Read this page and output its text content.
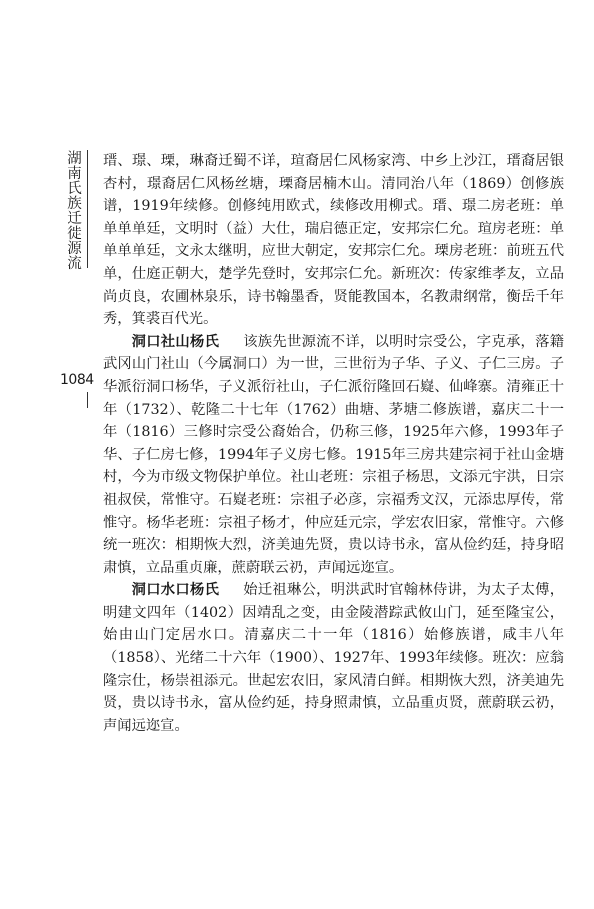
湖南氏族迁徙源流
1084

瑨、璟、瑮，琳裔迁蜀不详，瑄裔居仁风杨家湾、中乡上沙江，瑨裔居银杏村，璟裔居仁风杨丝塘，瑮裔居楠木山。清同治八年（1869）创修族谱，1919年续修。创修纯用欧式，续修改用柳式。瑨、璟二房老班：单单单单廷，文明时（益）大仕，瑞启德正定，安邦宗仁允。瑄房老班：单单单单廷，文永太继明，应世大朝定，安邦宗仁允。瑮房老班：前班五代单，仕庭正朝大，楚学先登时，安邦宗仁允。新班次：传家维孝友，立品尚贞良，农圃林泉乐，诗书翰墨香，贤能教国本，名教肃纲常，衡岳千年秀，箕裘百代光。

洞口社山杨氏   该族先世源流不详，以明时宗受公，字克承，落籍武冈山门社山（今属洞口）为一世，三世衍为子华、子义、子仁三房。子华派衍洞口杨华，子义派衍社山，子仁派衍隆回石嶷、仙峰寨。清雍正十年（1732）、乾隆二十七年（1762）曲塘、茅塘二修族谱，嘉庆二十一年（1816）三修时宗受公裔始合，仍称三修，1925年六修，1993年子华、子仁房七修，1994年子义房七修。1915年三房共建宗祠于社山金塘村，今为市级文物保护单位。社山老班：宗祖子杨思，文添元宇洪，日宗祖叔侯，常惟守。石嶷老班：宗祖子必彦，宗福秀文汉，元添忠厚传，常惟守。杨华老班：宗祖子杨才，仲应廷元宗，学宏农旧家，常惟守。六修统一班次：相期恢大烈，济美迪先贤，贵以诗书永，富从俭约廷，持身昭肃慎，立品重贞廉，蔗蔚联云礽，声闻远迩宣。

洞口水口杨氏   始迁祖琳公，明洪武时官翰林侍讲，为太子太傅，明建文四年（1402）因靖乱之变，由金陵潜踪武攸山门，延至隆宝公，始由山门定居水口。清嘉庆二十一年（1816）始修族谱，咸丰八年（1858）、光绪二十六年（1900）、1927年、1993年续修。班次：应翁隆宗仕，杨崇祖添元。世起宏农旧，家风清白鲜。相期恢大烈，济美迪先贤，贵以诗书永，富从俭约延，持身照肃慎，立品重贞贤，蔗蔚联云礽，声闻远迩宣。
